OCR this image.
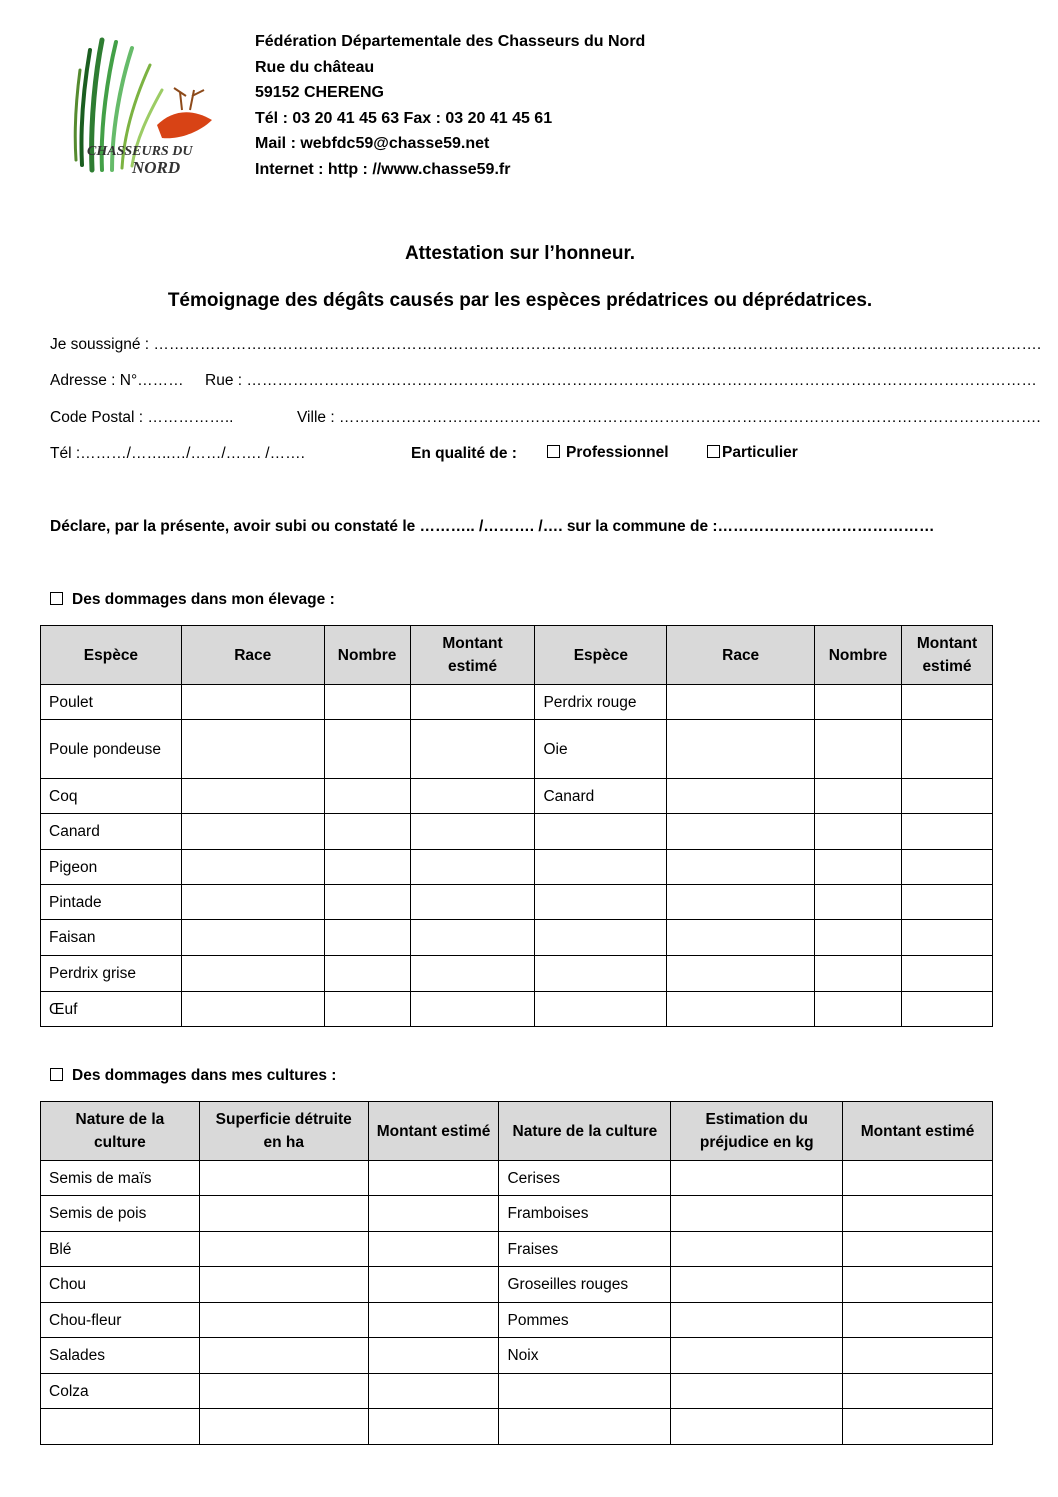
CHASSEURS DU
NORD
Fédération Départementale des Chasseurs du Nord
Rue du château
59152 CHERENG
Tél : 03 20 41 45 63 Fax : 03 20 41 45 61
Mail : webfdc59@chasse59.net
Internet : http : //www.chasse59.fr
Attestation sur l’honneur.
Témoignage des dégâts causés par les espèces prédatrices ou déprédatrices.
Je soussigné : ……………………………………………………………………………………………………………………………………………………….
Adresse : N°……… Rue : ………………………………………………………………………………………………………………………………………
Code Postal : ……………..	Ville : ……………………………………………………………………………………………………………………….
Tél :………/……..…/……/……. /…….	En qualité de :	Professionnel	Particulier
Déclare, par la présente, avoir subi ou constaté le ……….. /………. /…. sur la commune de :……………………………………
Des dommages dans mon élevage :
Espèce	Race	Nombre	Montant estimé	Espèce	Race	Nombre	Montant estimé
Poulet				Perdrix rouge			
Poule pondeuse				Oie			
Coq				Canard			
Canard							
Pigeon							
Pintade							
Faisan							
Perdrix grise							
Œuf							
Des dommages dans mes cultures :
Nature de la culture	Superficie détruite en ha	Montant estimé	Nature de la culture	Estimation du préjudice en kg	Montant estimé
Semis de maïs			Cerises		
Semis de pois			Framboises		
Blé			Fraises		
Chou			Groseilles rouges		
Chou-fleur			Pommes		
Salades			Noix		
Colza					
